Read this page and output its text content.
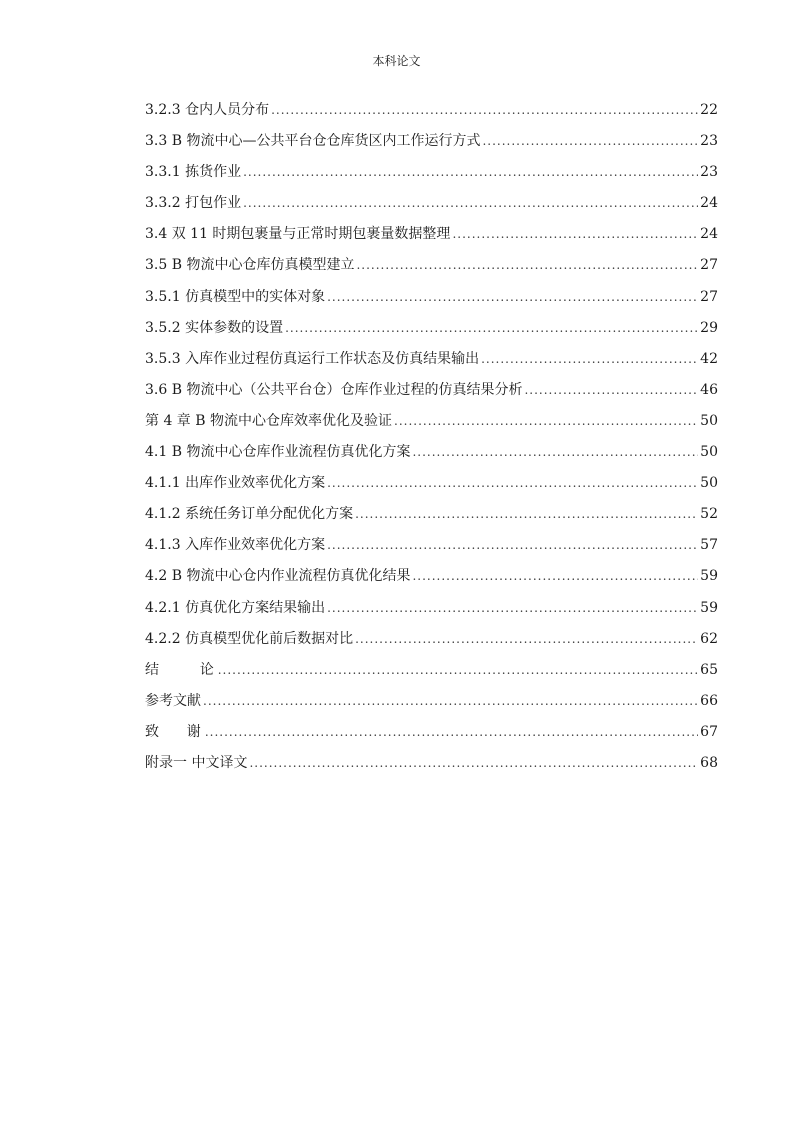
本科论文
3.2.3 仓内人员分布 .....	22
3.3 B 物流中心—公共平台仓仓库货区内工作运行方式 .....	23
3.3.1 拣货作业 .....	23
3.3.2 打包作业 .....	24
3.4 双 11 时期包裹量与正常时期包裹量数据整理 .....	24
3.5 B 物流中心仓库仿真模型建立 .....	27
3.5.1 仿真模型中的实体对象 .....	27
3.5.2 实体参数的设置 .....	29
3.5.3 入库作业过程仿真运行工作状态及仿真结果输出 .....	42
3.6 B 物流中心（公共平台仓）仓库作业过程的仿真结果分析 .....	46
第 4 章 B 物流中心仓库效率优化及验证 .....	50
4.1 B 物流中心仓库作业流程仿真优化方案 .....	50
4.1.1 出库作业效率优化方案 .....	50
4.1.2 系统任务订单分配优化方案 .....	52
4.1.3 入库作业效率优化方案 .....	57
4.2 B 物流中心仓内作业流程仿真优化结果 .....	59
4.2.1 仿真优化方案结果输出 .....	59
4.2.2 仿真模型优化前后数据对比 .....	62
结      论 .....	65
参考文献 .....	66
致    谢 .....	67
附录一 中文译文 .....	68
